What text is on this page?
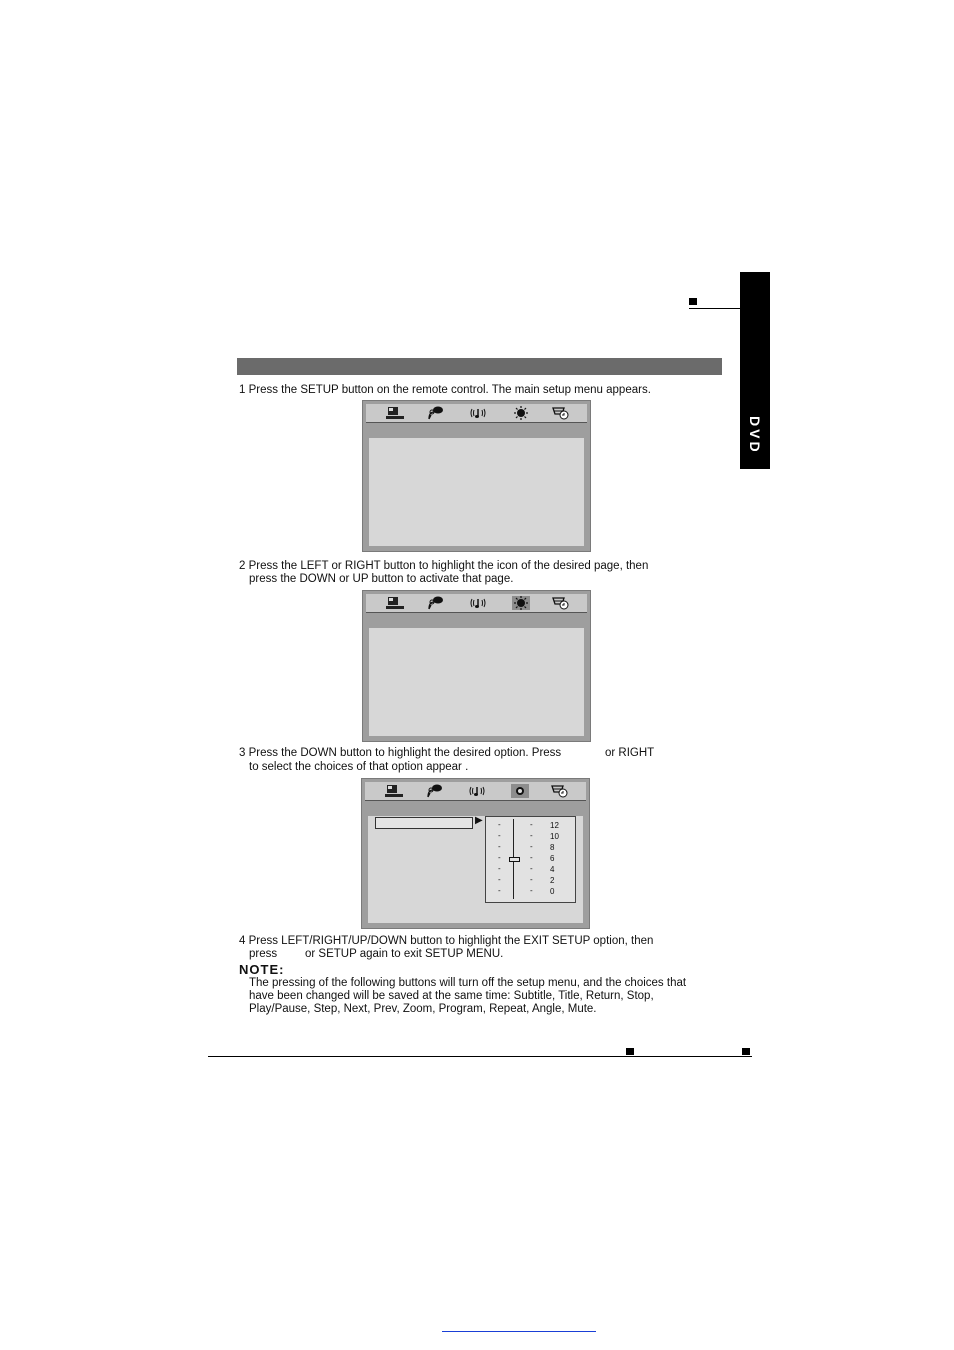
DVD
1 Press the SETUP button on the remote control. The main setup menu appears.
2 Press the LEFT or RIGHT button to highlight the icon of the desired page, then
press the DOWN or UP button to activate that page.
3 Press the DOWN button to highlight the desired option. Press	or RIGHT
to select the choices of that option appear .
▶ -	- 12
-	- 10
-	- 8
-	- 6
-	- 4
-	- 2
-	- 0
4 Press LEFT/RIGHT/UP/DOWN button to highlight the EXIT SETUP option, then
press or SETUP again to exit SETUP MENU.
NOTE:
The pressing of the following buttons will turn off the setup menu, and the choices that
have been changed will be saved at the same time: Subtitle, Title, Return, Stop,
Play/Pause, Step, Next, Prev, Zoom, Program, Repeat, Angle, Mute.
